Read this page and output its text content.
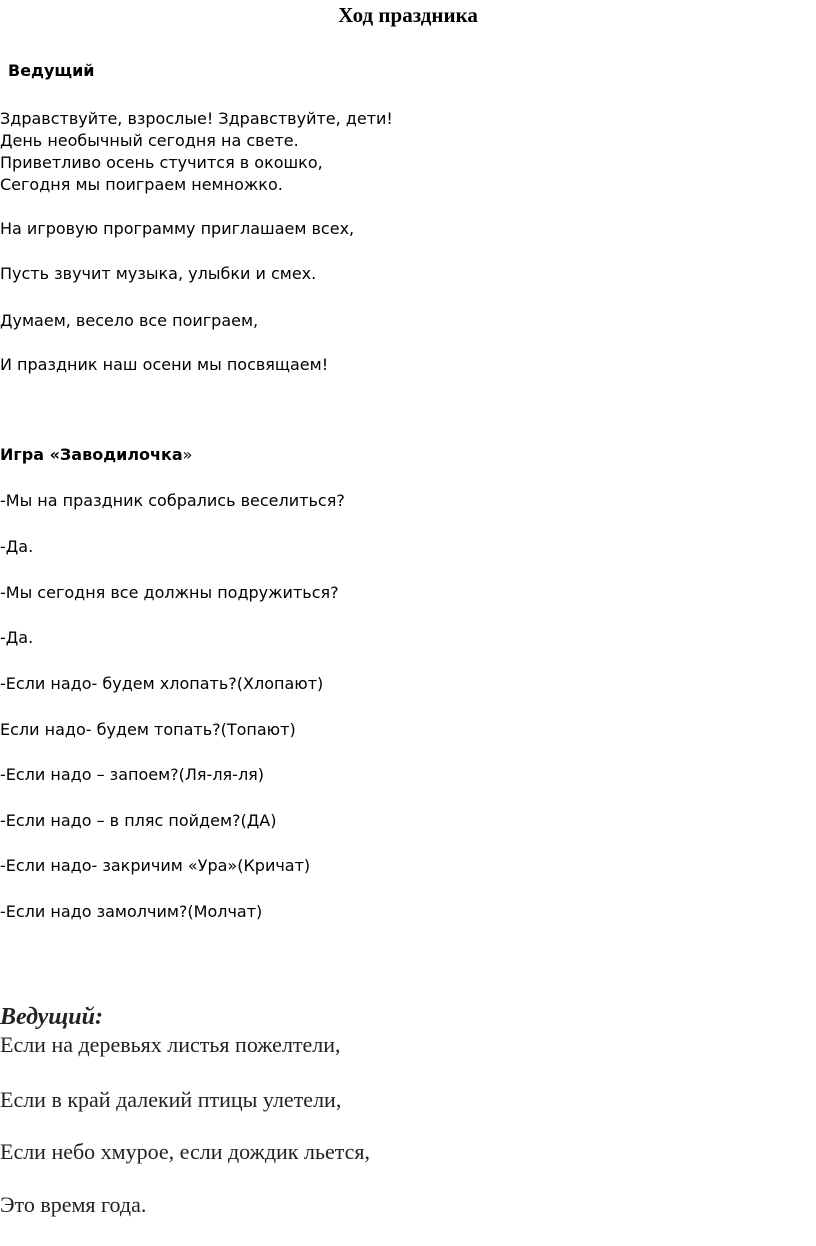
Ход праздника
Ведущий
Здравствуйте, взрослые! Здравствуйте, дети!
День необычный сегодня на свете.
Приветливо осень стучится в окошко,
Сегодня мы поиграем немножко.
На игровую программу приглашаем всех,
Пусть звучит музыка, улыбки и смех.
Думаем, весело все поиграем,
И праздник наш осени мы посвящаем!
Игра «Заводилочка»
-Мы на праздник собрались веселиться?
-Да.
-Мы сегодня все должны подружиться?
-Да.
-Если надо- будем хлопать?(Хлопают)
Если надо- будем топать?(Топают)
-Если надо – запоем?(Ля-ля-ля)
-Если надо – в пляс пойдем?(ДА)
-Если надо- закричим «Ура»(Кричат)
-Если надо замолчим?(Молчат)
Ведущий:
Если на деревьях листья пожелтели,
Если в край далекий птицы улетели,
Если небо хмурое, если дождик льется,
Это время года.
